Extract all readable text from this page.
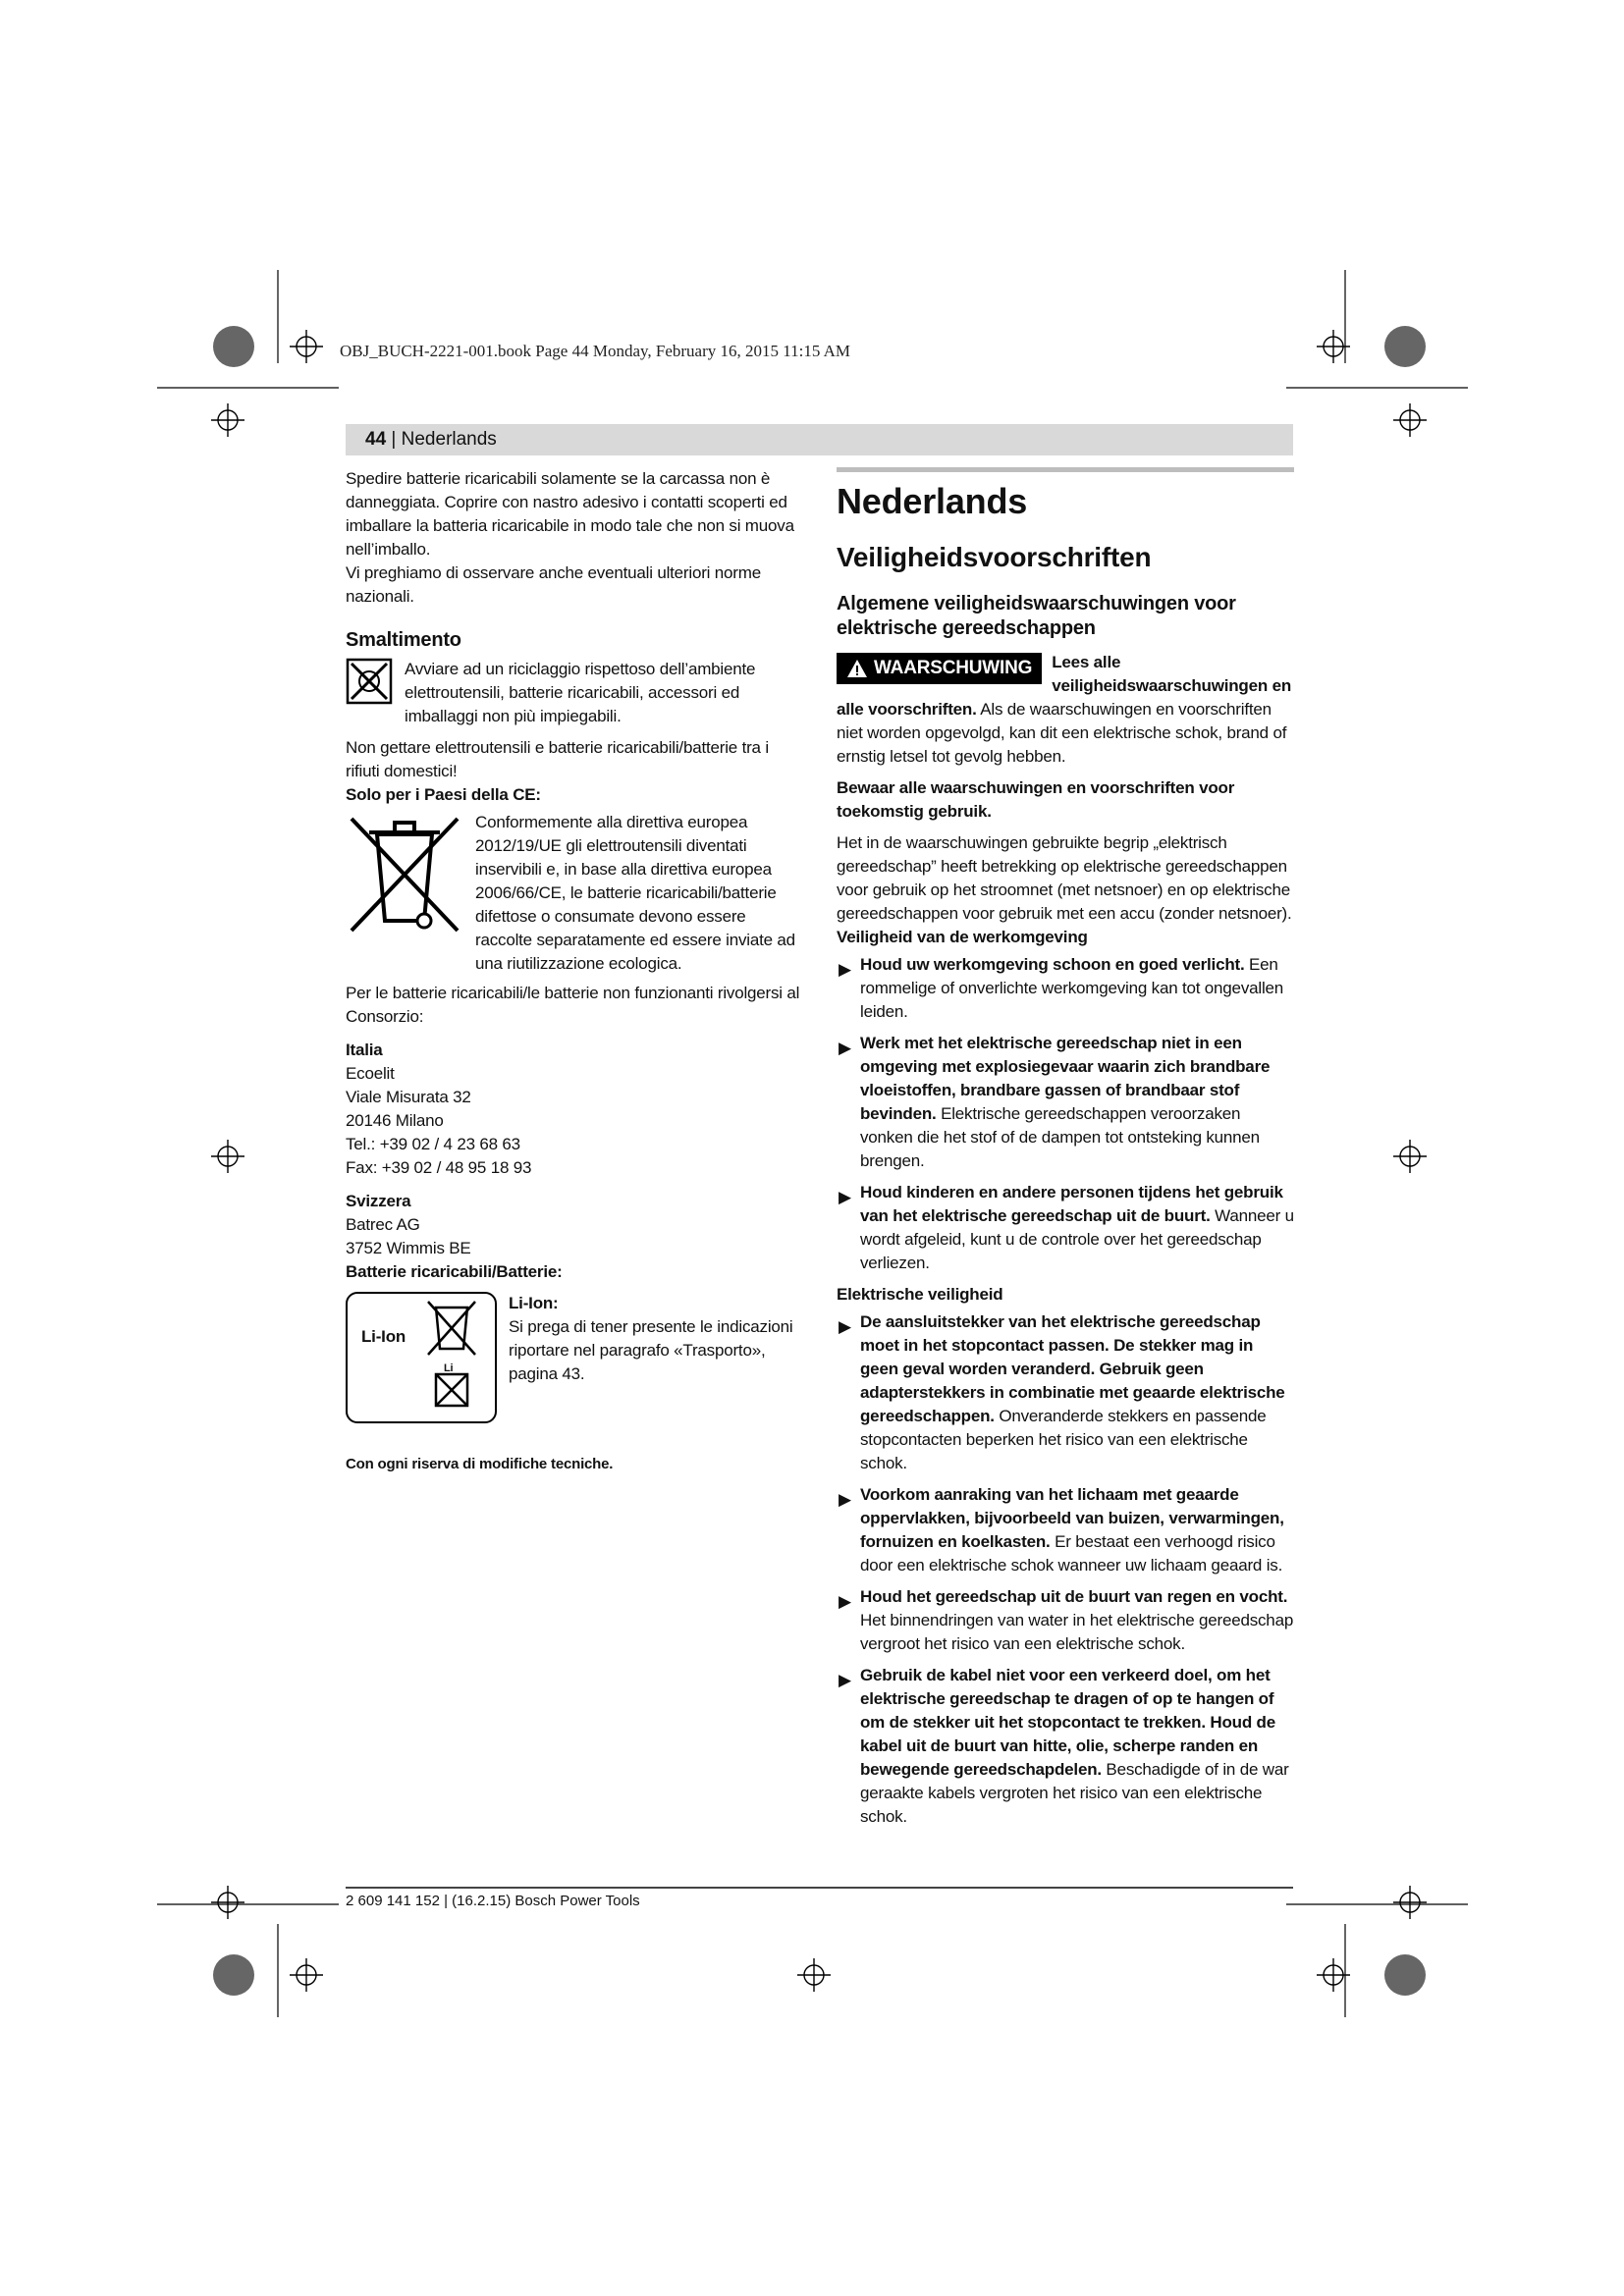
OBJ_BUCH-2221-001.book Page 44 Monday, February 16, 2015 11:15 AM
44 | Nederlands

Spedire batterie ricaricabili solamente se la carcassa non è danneggiata. Coprire con nastro adesivo i contatti scoperti ed imballare la batteria ricaricabile in modo tale che non si muova nell’imballo.

Vi preghiamo di osservare anche eventuali ulteriori norme nazionali.

Smaltimento

Avviare ad un riciclaggio rispettoso dell’ambiente elettroutensili, batterie ricaricabili, accessori ed imballaggi non più impiegabili.

Non gettare elettroutensili e batterie ricaricabili/batterie tra i rifiuti domestici!

Solo per i Paesi della CE:

Conformemente alla direttiva europea 2012/19/UE gli elettroutensili diventati inservibili e, in base alla direttiva europea 2006/66/CE, le batterie ricaricabili/batterie difettose o consumate devono essere raccolte separatamente ed essere inviate ad una riutilizzazione ecologica.

Per le batterie ricaricabili/le batterie non funzionanti rivolgersi al Consorzio:

Italia

Ecoelit

Viale Misurata 32

20146 Milano

Tel.: +39 02 / 4 23 68 63

Fax: +39 02 / 48 95 18 93

Svizzera

Batrec AG

3752 Wimmis BE

Batterie ricaricabili/Batterie:

Li-Ion
Li

Li-Ion:

Si prega di tener presente le indicazioni riportare nel paragrafo «Trasporto», pagina 43.

Con ogni riserva di modifiche tecniche.

Nederlands
Veiligheidsvoorschriften
Algemene veiligheidswaarschuwingen voor elektrische gereedschappen
WAARSCHUWING Lees alle veiligheidswaarschuwingen en alle voorschriften. Als de waarschuwingen en voorschriften niet worden opgevolgd, kan dit een elektrische schok, brand of ernstig letsel tot gevolg hebben.

Bewaar alle waarschuwingen en voorschriften voor toekomstig gebruik.

Het in de waarschuwingen gebruikte begrip „elektrisch gereedschap” heeft betrekking op elektrische gereedschappen voor gebruik op het stroomnet (met netsnoer) en op elektrische gereedschappen voor gebruik met een accu (zonder netsnoer).

Veiligheid van de werkomgeving

▶ Houd uw werkomgeving schoon en goed verlicht. Een rommelige of onverlichte werkomgeving kan tot ongevallen leiden.
▶ Werk met het elektrische gereedschap niet in een omgeving met explosiegevaar waarin zich brandbare vloeistoffen, brandbare gassen of brandbaar stof bevinden. Elektrische gereedschappen veroorzaken vonken die het stof of de dampen tot ontsteking kunnen brengen.
▶ Houd kinderen en andere personen tijdens het gebruik van het elektrische gereedschap uit de buurt. Wanneer u wordt afgeleid, kunt u de controle over het gereedschap verliezen.

Elektrische veiligheid

▶ De aansluitstekker van het elektrische gereedschap moet in het stopcontact passen. De stekker mag in geen geval worden veranderd. Gebruik geen adapterstekkers in combinatie met geaarde elektrische gereedschappen. Onveranderde stekkers en passende stopcontacten beperken het risico van een elektrische schok.
▶ Voorkom aanraking van het lichaam met geaarde oppervlakken, bijvoorbeeld van buizen, verwarmingen, fornuizen en koelkasten. Er bestaat een verhoogd risico door een elektrische schok wanneer uw lichaam geaard is.
▶ Houd het gereedschap uit de buurt van regen en vocht. Het binnendringen van water in het elektrische gereedschap vergroot het risico van een elektrische schok.
▶ Gebruik de kabel niet voor een verkeerd doel, om het elektrische gereedschap te dragen of op te hangen of om de stekker uit het stopcontact te trekken. Houd de kabel uit de buurt van hitte, olie, scherpe randen en bewegende gereedschapdelen. Beschadigde of in de war geraakte kabels vergroten het risico van een elektrische schok.
2 609 141 152 | (16.2.15) Bosch Power Tools
